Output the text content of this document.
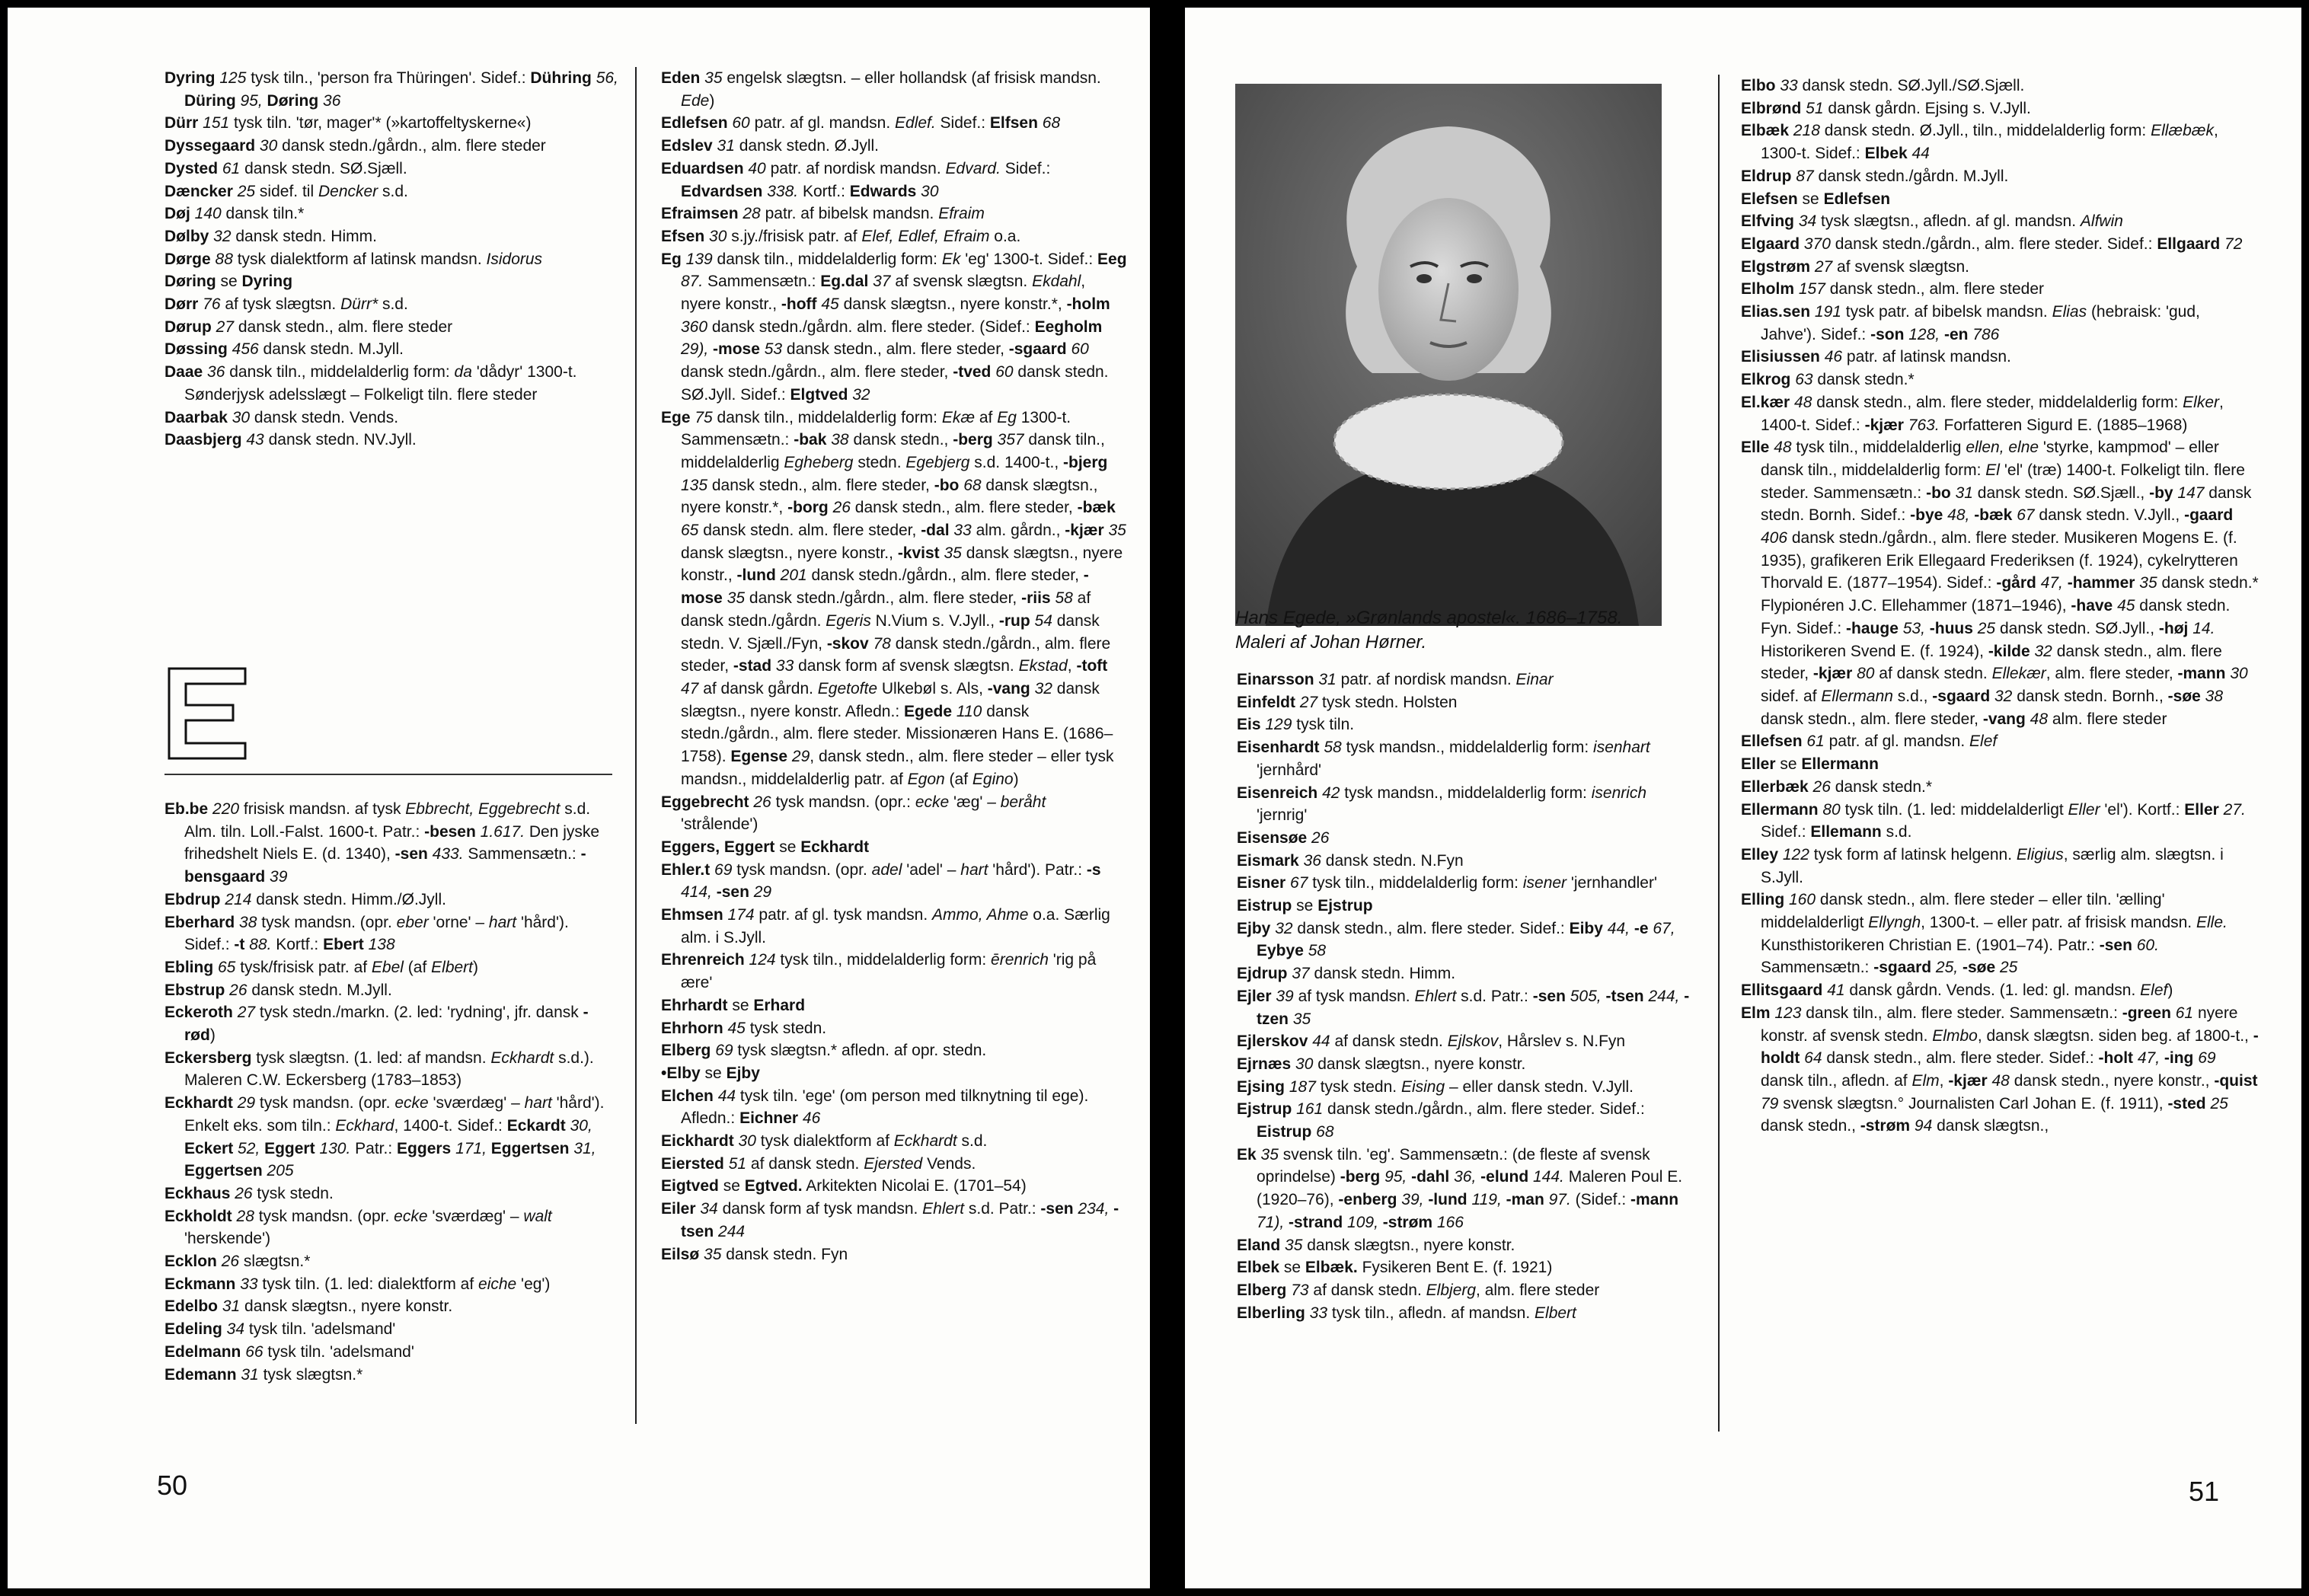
Dyring 125 tysk tiln., 'person fra Thüringen'. Sidef.: Dühring 56, Düring 95, Døring 36

Dürr 151 tysk tiln. 'tør, mager'* (»kartoffeltyskerne«)

Dyssegaard 30 dansk stedn./gårdn., alm. flere steder

Dysted 61 dansk stedn. SØ.Sjæll.

Dæncker 25 sidef. til Dencker s.d.

Døj 140 dansk tiln.*

Dølby 32 dansk stedn. Himm.

Dørge 88 tysk dialektform af latinsk mandsn. Isidorus

Døring se Dyring

Dørr 76 af tysk slægtsn. Dürr* s.d.

Dørup 27 dansk stedn., alm. flere steder

Døssing 456 dansk stedn. M.Jyll.

Daae 36 dansk tiln., middelalderlig form: da 'dådyr' 1300-t. Sønderjysk adelsslægt – Folkeligt tiln. flere steder

Daarbak 30 dansk stedn. Vends.

Daasbjerg 43 dansk stedn. NV.Jyll.

Eb.be 220 frisisk mandsn. af tysk Ebbrecht, Eggebrecht s.d. Alm. tiln. Loll.-Falst. 1600-t. Patr.: -besen 1.617. Den jyske frihedshelt Niels E. (d. 1340), -sen 433. Sammensætn.: -bensgaard 39

Ebdrup 214 dansk stedn. Himm./Ø.Jyll.

Eberhard 38 tysk mandsn. (opr. eber 'orne' – hart 'hård'). Sidef.: -t 88. Kortf.: Ebert 138

Ebling 65 tysk/frisisk patr. af Ebel (af Elbert)

Ebstrup 26 dansk stedn. M.Jyll.

Eckeroth 27 tysk stedn./markn. (2. led: 'rydning', jfr. dansk -rød)

Eckersberg tysk slægtsn. (1. led: af mandsn. Eckhardt s.d.). Maleren C.W. Eckersberg (1783–1853)

Eckhardt 29 tysk mandsn. (opr. ecke 'sværdæg' – hart 'hård'). Enkelt eks. som tiln.: Eckhard, 1400-t. Sidef.: Eckardt 30, Eckert 52, Eggert 130. Patr.: Eggers 171, Eggertsen 31, Eggertsen 205

Eckhaus 26 tysk stedn.

Eckholdt 28 tysk mandsn. (opr. ecke 'sværdæg' – walt 'herskende')

Ecklon 26 slægtsn.*

Eckmann 33 tysk tiln. (1. led: dialektform af eiche 'eg')

Edelbo 31 dansk slægtsn., nyere konstr.

Edeling 34 tysk tiln. 'adelsmand'

Edelmann 66 tysk tiln. 'adelsmand'

Edemann 31 tysk slægtsn.*

Eden 35 engelsk slægtsn. – eller hollandsk (af frisisk mandsn. Ede)

Edlefsen 60 patr. af gl. mandsn. Edlef. Sidef.: Elfsen 68

Edslev 31 dansk stedn. Ø.Jyll.

Eduardsen 40 patr. af nordisk mandsn. Edvard. Sidef.: Edvardsen 338. Kortf.: Edwards 30

Efraimsen 28 patr. af bibelsk mandsn. Efraim

Efsen 30 s.jy./frisisk patr. af Elef, Edlef, Efraim o.a.

Eg 139 dansk tiln., middelalderlig form: Ek 'eg' 1300-t. Sidef.: Eeg 87. Sammensætn.: Eg.dal 37 af svensk slægtsn. Ekdahl, nyere konstr., -hoff 45 dansk slægtsn., nyere konstr.*, -holm 360 dansk stedn./gårdn. alm. flere steder. (Sidef.: Eegholm 29), -mose 53 dansk stedn., alm. flere steder, -sgaard 60 dansk stedn./gårdn., alm. flere steder, -tved 60 dansk stedn. SØ.Jyll. Sidef.: Elgtved 32

Ege 75 dansk tiln., middelalderlig form: Ekæ af Eg 1300-t. Sammensætn.: -bak 38 dansk stedn., -berg 357 dansk tiln., middelalderlig Egheberg stedn. Egebjerg s.d. 1400-t., -bjerg 135 dansk stedn., alm. flere steder, -bo 68 dansk slægtsn., nyere konstr.*, -borg 26 dansk stedn., alm. flere steder, -bæk 65 dansk stedn. alm. flere steder, -dal 33 alm. gårdn., -kjær 35 dansk slægtsn., nyere konstr., -kvist 35 dansk slægtsn., nyere konstr., -lund 201 dansk stedn./gårdn., alm. flere steder, -mose 35 dansk stedn./gårdn., alm. flere steder, -riis 58 af dansk stedn./gårdn. Egeris N.Vium s. V.Jyll., -rup 54 dansk stedn. V. Sjæll./Fyn, -skov 78 dansk stedn./gårdn., alm. flere steder, -stad 33 dansk form af svensk slægtsn. Ekstad, -toft 47 af dansk gårdn. Egetofte Ulkebøl s. Als, -vang 32 dansk slægtsn., nyere konstr. Afledn.: Egede 110 dansk stedn./gårdn., alm. flere steder. Missionæren Hans E. (1686–1758). Egense 29, dansk stedn., alm. flere steder – eller tysk mandsn., middelalderlig patr. af Egon (af Egino)

Eggebrecht 26 tysk mandsn. (opr.: ecke 'æg' – beråht 'strålende')

Eggers, Eggert se Eckhardt

Ehler.t 69 tysk mandsn. (opr. adel 'adel' – hart 'hård'). Patr.: -s 414, -sen 29

Ehmsen 174 patr. af gl. tysk mandsn. Ammo, Ahme o.a. Særlig alm. i S.Jyll.

Ehrenreich 124 tysk tiln., middelalderlig form: ērenrich 'rig på ære'

Ehrhardt se Erhard

Ehrhorn 45 tysk stedn.

Elberg 69 tysk slægtsn.* afledn. af opr. stedn.

•Elby se Ejby

Elchen 44 tysk tiln. 'ege' (om person med tilknytning til ege). Afledn.: Eichner 46

Eickhardt 30 tysk dialektform af Eckhardt s.d.

Eiersted 51 af dansk stedn. Ejersted Vends.

Eigtved se Egtved. Arkitekten Nicolai E. (1701–54)

Eiler 34 dansk form af tysk mandsn. Ehlert s.d. Patr.: -sen 234, -tsen 244

Eilsø 35 dansk stedn. Fyn

50
Hans Egede, »Grønlands apostel«. 1686–1758.
Maleri af Johan Hørner.

Einarsson 31 patr. af nordisk mandsn. Einar

Einfeldt 27 tysk stedn. Holsten

Eis 129 tysk tiln.

Eisenhardt 58 tysk mandsn., middelalderlig form: isenhart 'jernhård'

Eisenreich 42 tysk mandsn., middelalderlig form: isenrich 'jernrig'

Eisensøe 26

Eismark 36 dansk stedn. N.Fyn

Eisner 67 tysk tiln., middelalderlig form: isener 'jernhandler'

Eistrup se Ejstrup

Ejby 32 dansk stedn., alm. flere steder. Sidef.: Eiby 44, -e 67, Eybye 58

Ejdrup 37 dansk stedn. Himm.

Ejler 39 af tysk mandsn. Ehlert s.d. Patr.: -sen 505, -tsen 244, -tzen 35

Ejlerskov 44 af dansk stedn. Ejlskov, Hårslev s. N.Fyn

Ejrnæs 30 dansk slægtsn., nyere konstr.

Ejsing 187 tysk stedn. Eising – eller dansk stedn. V.Jyll.

Ejstrup 161 dansk stedn./gårdn., alm. flere steder. Sidef.: Eistrup 68

Ek 35 svensk tiln. 'eg'. Sammensætn.: (de fleste af svensk oprindelse) -berg 95, -dahl 36, -elund 144. Maleren Poul E. (1920–76), -enberg 39, -lund 119, -man 97. (Sidef.: -mann 71), -strand 109, -strøm 166

Eland 35 dansk slægtsn., nyere konstr.

Elbek se Elbæk. Fysikeren Bent E. (f. 1921)

Elberg 73 af dansk stedn. Elbjerg, alm. flere steder

Elberling 33 tysk tiln., afledn. af mandsn. Elbert

Elbo 33 dansk stedn. SØ.Jyll./SØ.Sjæll.

Elbrønd 51 dansk gårdn. Ejsing s. V.Jyll.

Elbæk 218 dansk stedn. Ø.Jyll., tiln., middelalderlig form: Ellæbæk, 1300-t. Sidef.: Elbek 44

Eldrup 87 dansk stedn./gårdn. M.Jyll.

Elefsen se Edlefsen

Elfving 34 tysk slægtsn., afledn. af gl. mandsn. Alfwin

Elgaard 370 dansk stedn./gårdn., alm. flere steder. Sidef.: Ellgaard 72

Elgstrøm 27 af svensk slægtsn.

Elholm 157 dansk stedn., alm. flere steder

Elias.sen 191 tysk patr. af bibelsk mandsn. Elias (hebraisk: 'gud, Jahve'). Sidef.: -son 128, -en 786

Elisiussen 46 patr. af latinsk mandsn.

Elkrog 63 dansk stedn.*

El.kær 48 dansk stedn., alm. flere steder, middelalderlig form: Elker, 1400-t. Sidef.: -kjær 763. Forfatteren Sigurd E. (1885–1968)

Elle 48 tysk tiln., middelalderlig ellen, elne 'styrke, kampmod' – eller dansk tiln., middelalderlig form: El 'el' (træ) 1400-t. Folkeligt tiln. flere steder. Sammensætn.: -bo 31 dansk stedn. SØ.Sjæll., -by 147 dansk stedn. Bornh. Sidef.: -bye 48, -bæk 67 dansk stedn. V.Jyll., -gaard 406 dansk stedn./gårdn., alm. flere steder. Musikeren Mogens E. (f. 1935), grafikeren Erik Ellegaard Frederiksen (f. 1924), cykelrytteren Thorvald E. (1877–1954). Sidef.: -gård 47, -hammer 35 dansk stedn.* Flypionéren J.C. Ellehammer (1871–1946), -have 45 dansk stedn. Fyn. Sidef.: -hauge 53, -huus 25 dansk stedn. SØ.Jyll., -høj 14. Historikeren Svend E. (f. 1924), -kilde 32 dansk stedn., alm. flere steder, -kjær 80 af dansk stedn. Ellekær, alm. flere steder, -mann 30 sidef. af Ellermann s.d., -sgaard 32 dansk stedn. Bornh., -søe 38 dansk stedn., alm. flere steder, -vang 48 alm. flere steder

Ellefsen 61 patr. af gl. mandsn. Elef

Eller se Ellermann

Ellerbæk 26 dansk stedn.*

Ellermann 80 tysk tiln. (1. led: middelalderligt Eller 'el'). Kortf.: Eller 27. Sidef.: Ellemann s.d.

Elley 122 tysk form af latinsk helgenn. Eligius, særlig alm. slægtsn. i S.Jyll.

Elling 160 dansk stedn., alm. flere steder – eller tiln. 'ælling' middelalderligt Ellyngh, 1300-t. – eller patr. af frisisk mandsn. Elle. Kunsthistorikeren Christian E. (1901–74). Patr.: -sen 60. Sammensætn.: -sgaard 25, -søe 25

Ellitsgaard 41 dansk gårdn. Vends. (1. led: gl. mandsn. Elef)

Elm 123 dansk tiln., alm. flere steder. Sammensætn.: -green 61 nyere konstr. af svensk stedn. Elmbo, dansk slægtsn. siden beg. af 1800-t., -holdt 64 dansk stedn., alm. flere steder. Sidef.: -holt 47, -ing 69 dansk tiln., afledn. af Elm, -kjær 48 dansk stedn., nyere konstr., -quist 79 svensk slægtsn.° Journalisten Carl Johan E. (f. 1911), -sted 25 dansk stedn., -strøm 94 dansk slægtsn.,

51
